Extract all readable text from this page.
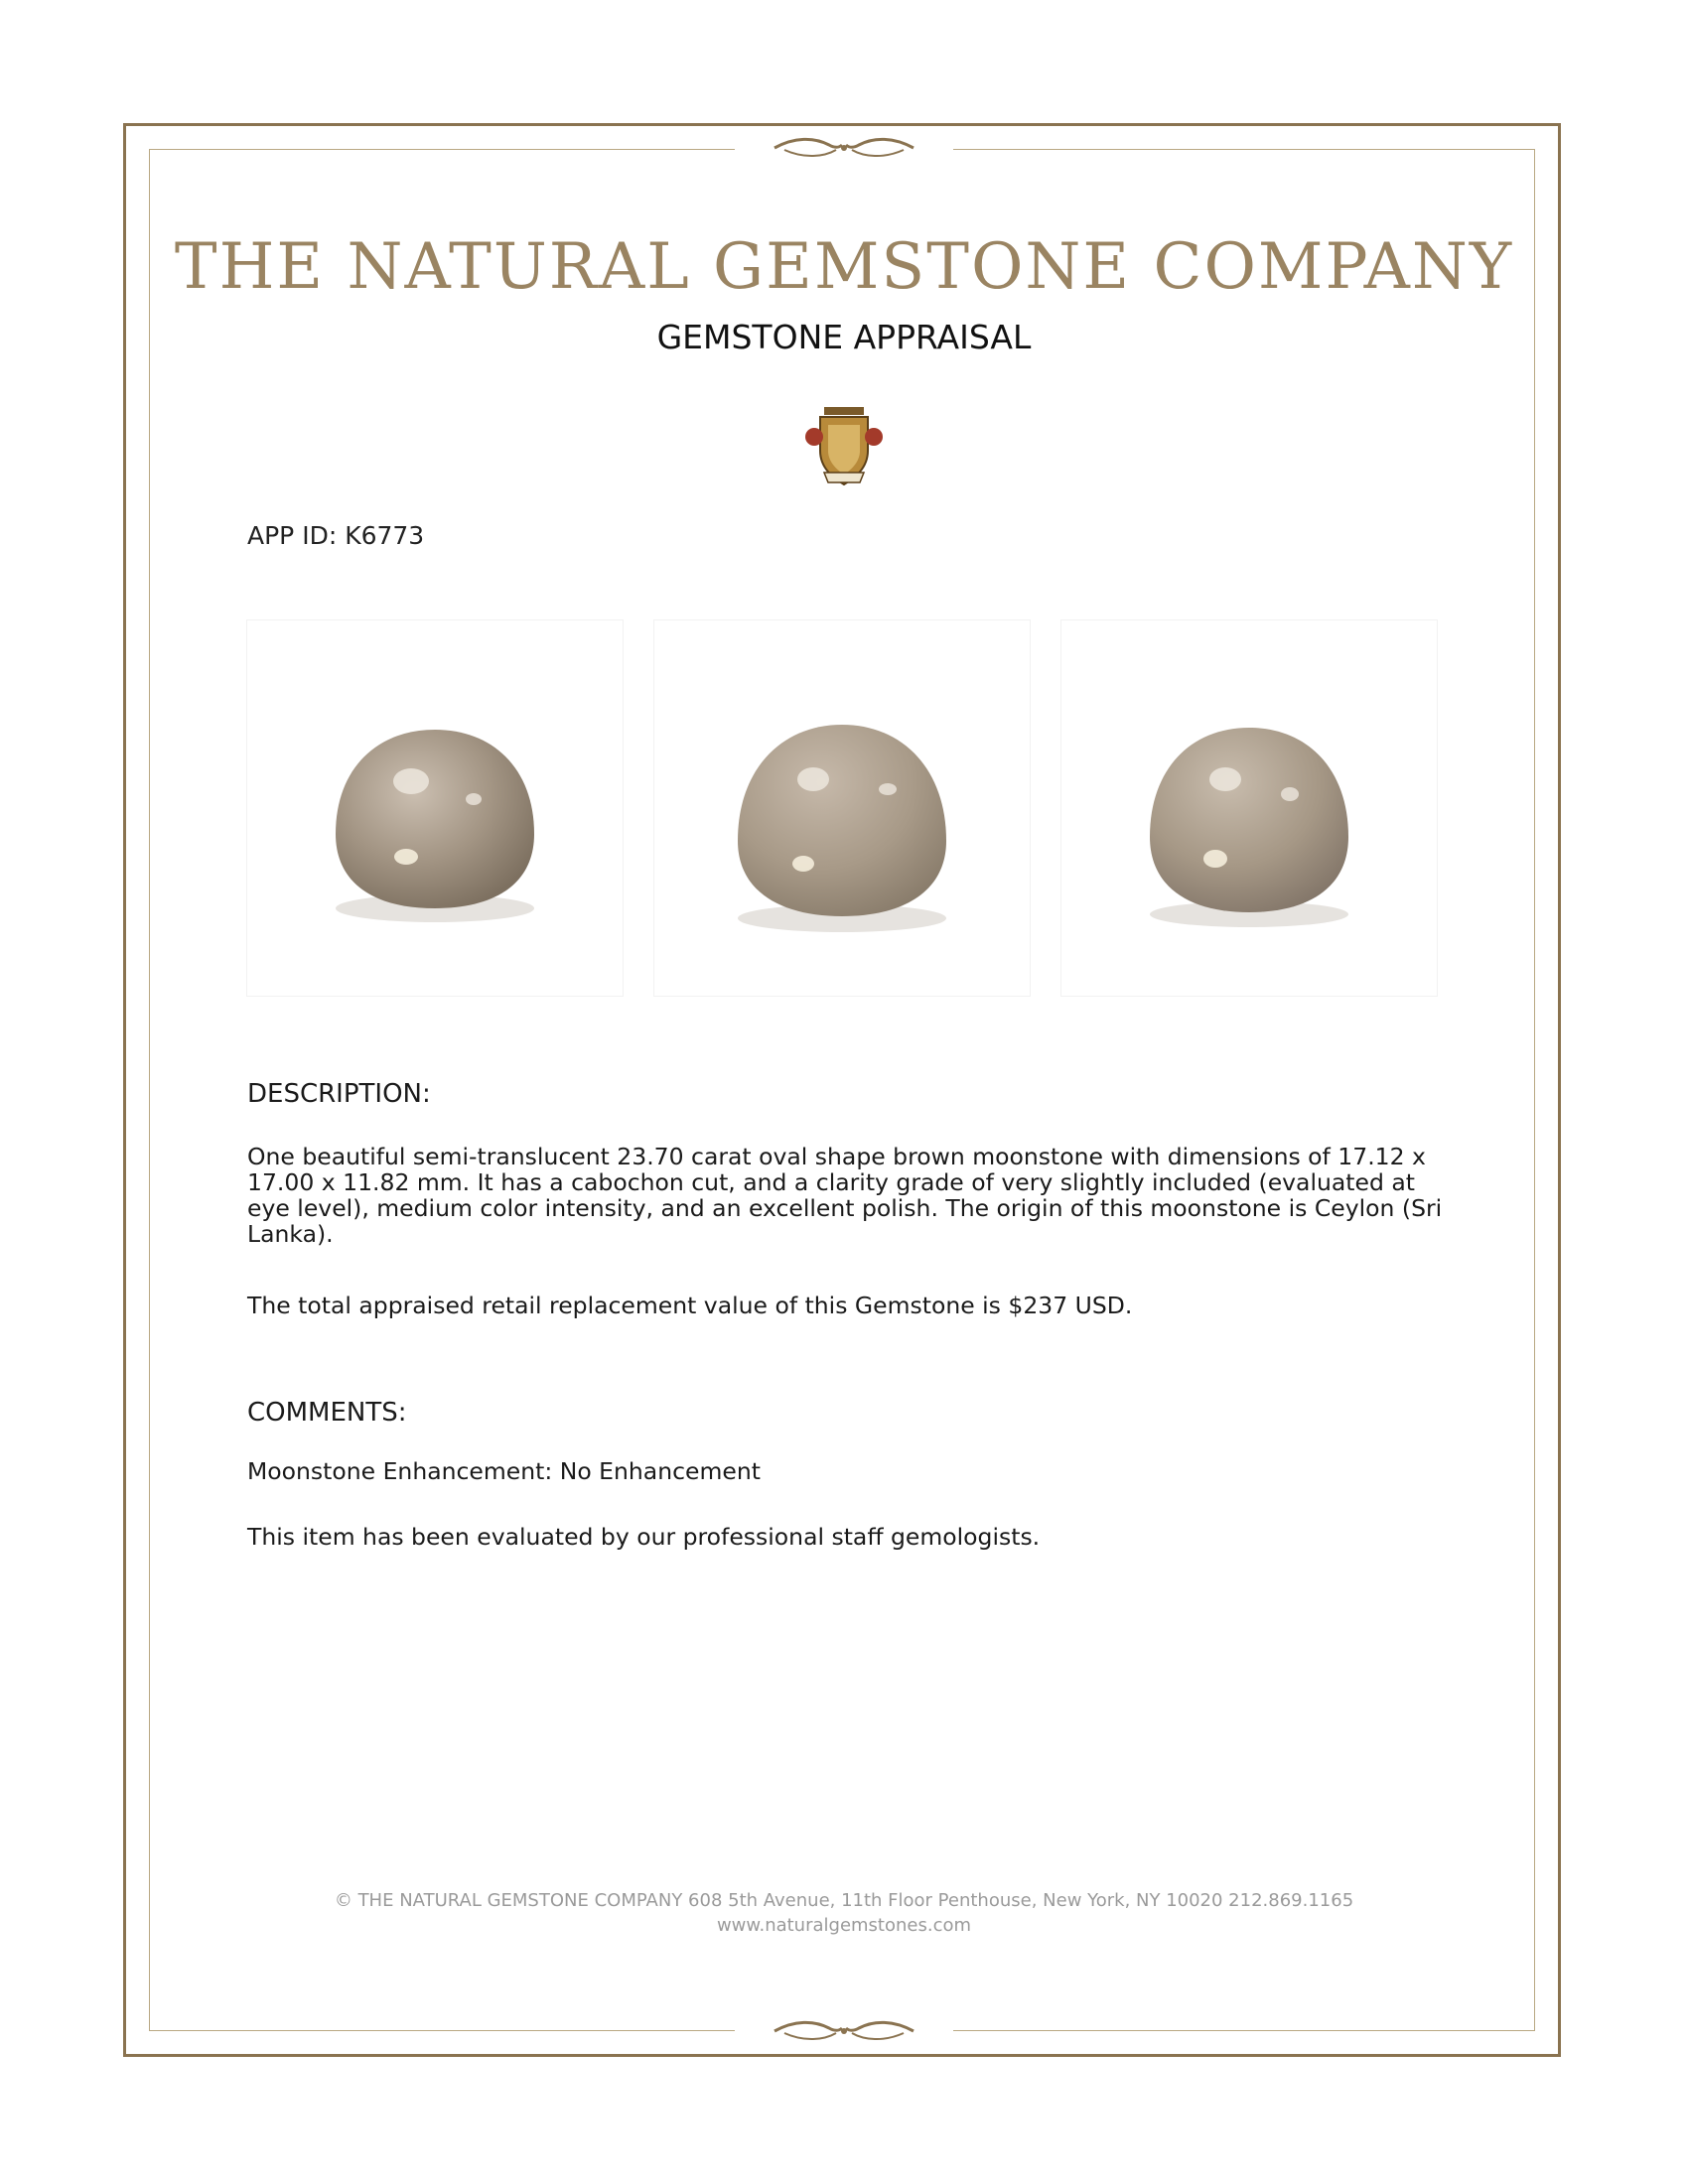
THE NATURAL GEMSTONE COMPANY
GEMSTONE APPRAISAL
APP ID: K6773
DESCRIPTION:
One beautiful semi-translucent 23.70 carat oval shape brown moonstone with dimensions of 17.12 x 17.00 x 11.82 mm. It has a cabochon cut, and a clarity grade of very slightly included (evaluated at eye level), medium color intensity, and an excellent polish. The origin of this moonstone is Ceylon (Sri Lanka).
The total appraised retail replacement value of this Gemstone is $237 USD.
COMMENTS:
Moonstone Enhancement: No Enhancement
This item has been evaluated by our professional staff gemologists.
© THE NATURAL GEMSTONE COMPANY 608 5th Avenue, 11th Floor Penthouse, New York, NY 10020 212.869.1165
www.naturalgemstones.com
